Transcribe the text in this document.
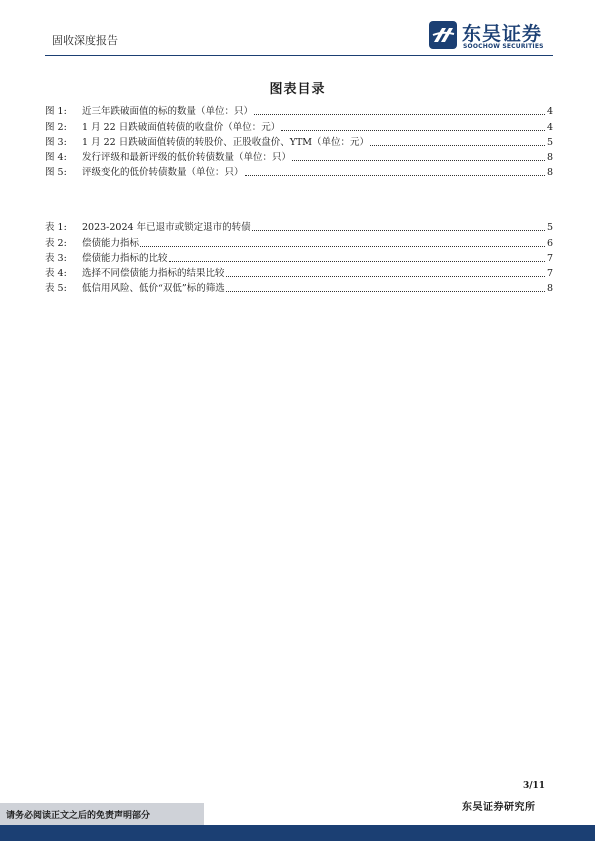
固收深度报告	东吴证券
SOOCHOW SECURITIES
图表目录
图 1:	近三年跌破面值的标的数量（单位：只）	4
图 2:	1 月 22 日跌破面值转债的收盘价（单位：元）	4
图 3:	1 月 22 日跌破面值转债的转股价、正股收盘价、YTM（单位：元）	5
图 4:	发行评级和最新评级的低价转债数量（单位：只）	8
图 5:	评级变化的低价转债数量（单位：只）	8
表 1:	2023-2024 年已退市或锁定退市的转债	5
表 2:	偿债能力指标	6
表 3:	偿债能力指标的比较	7
表 4:	选择不同偿债能力指标的结果比较	7
表 5:	低信用风险、低价“双低”标的筛选	8
3/11
东吴证券研究所
请务必阅读正文之后的免责声明部分
